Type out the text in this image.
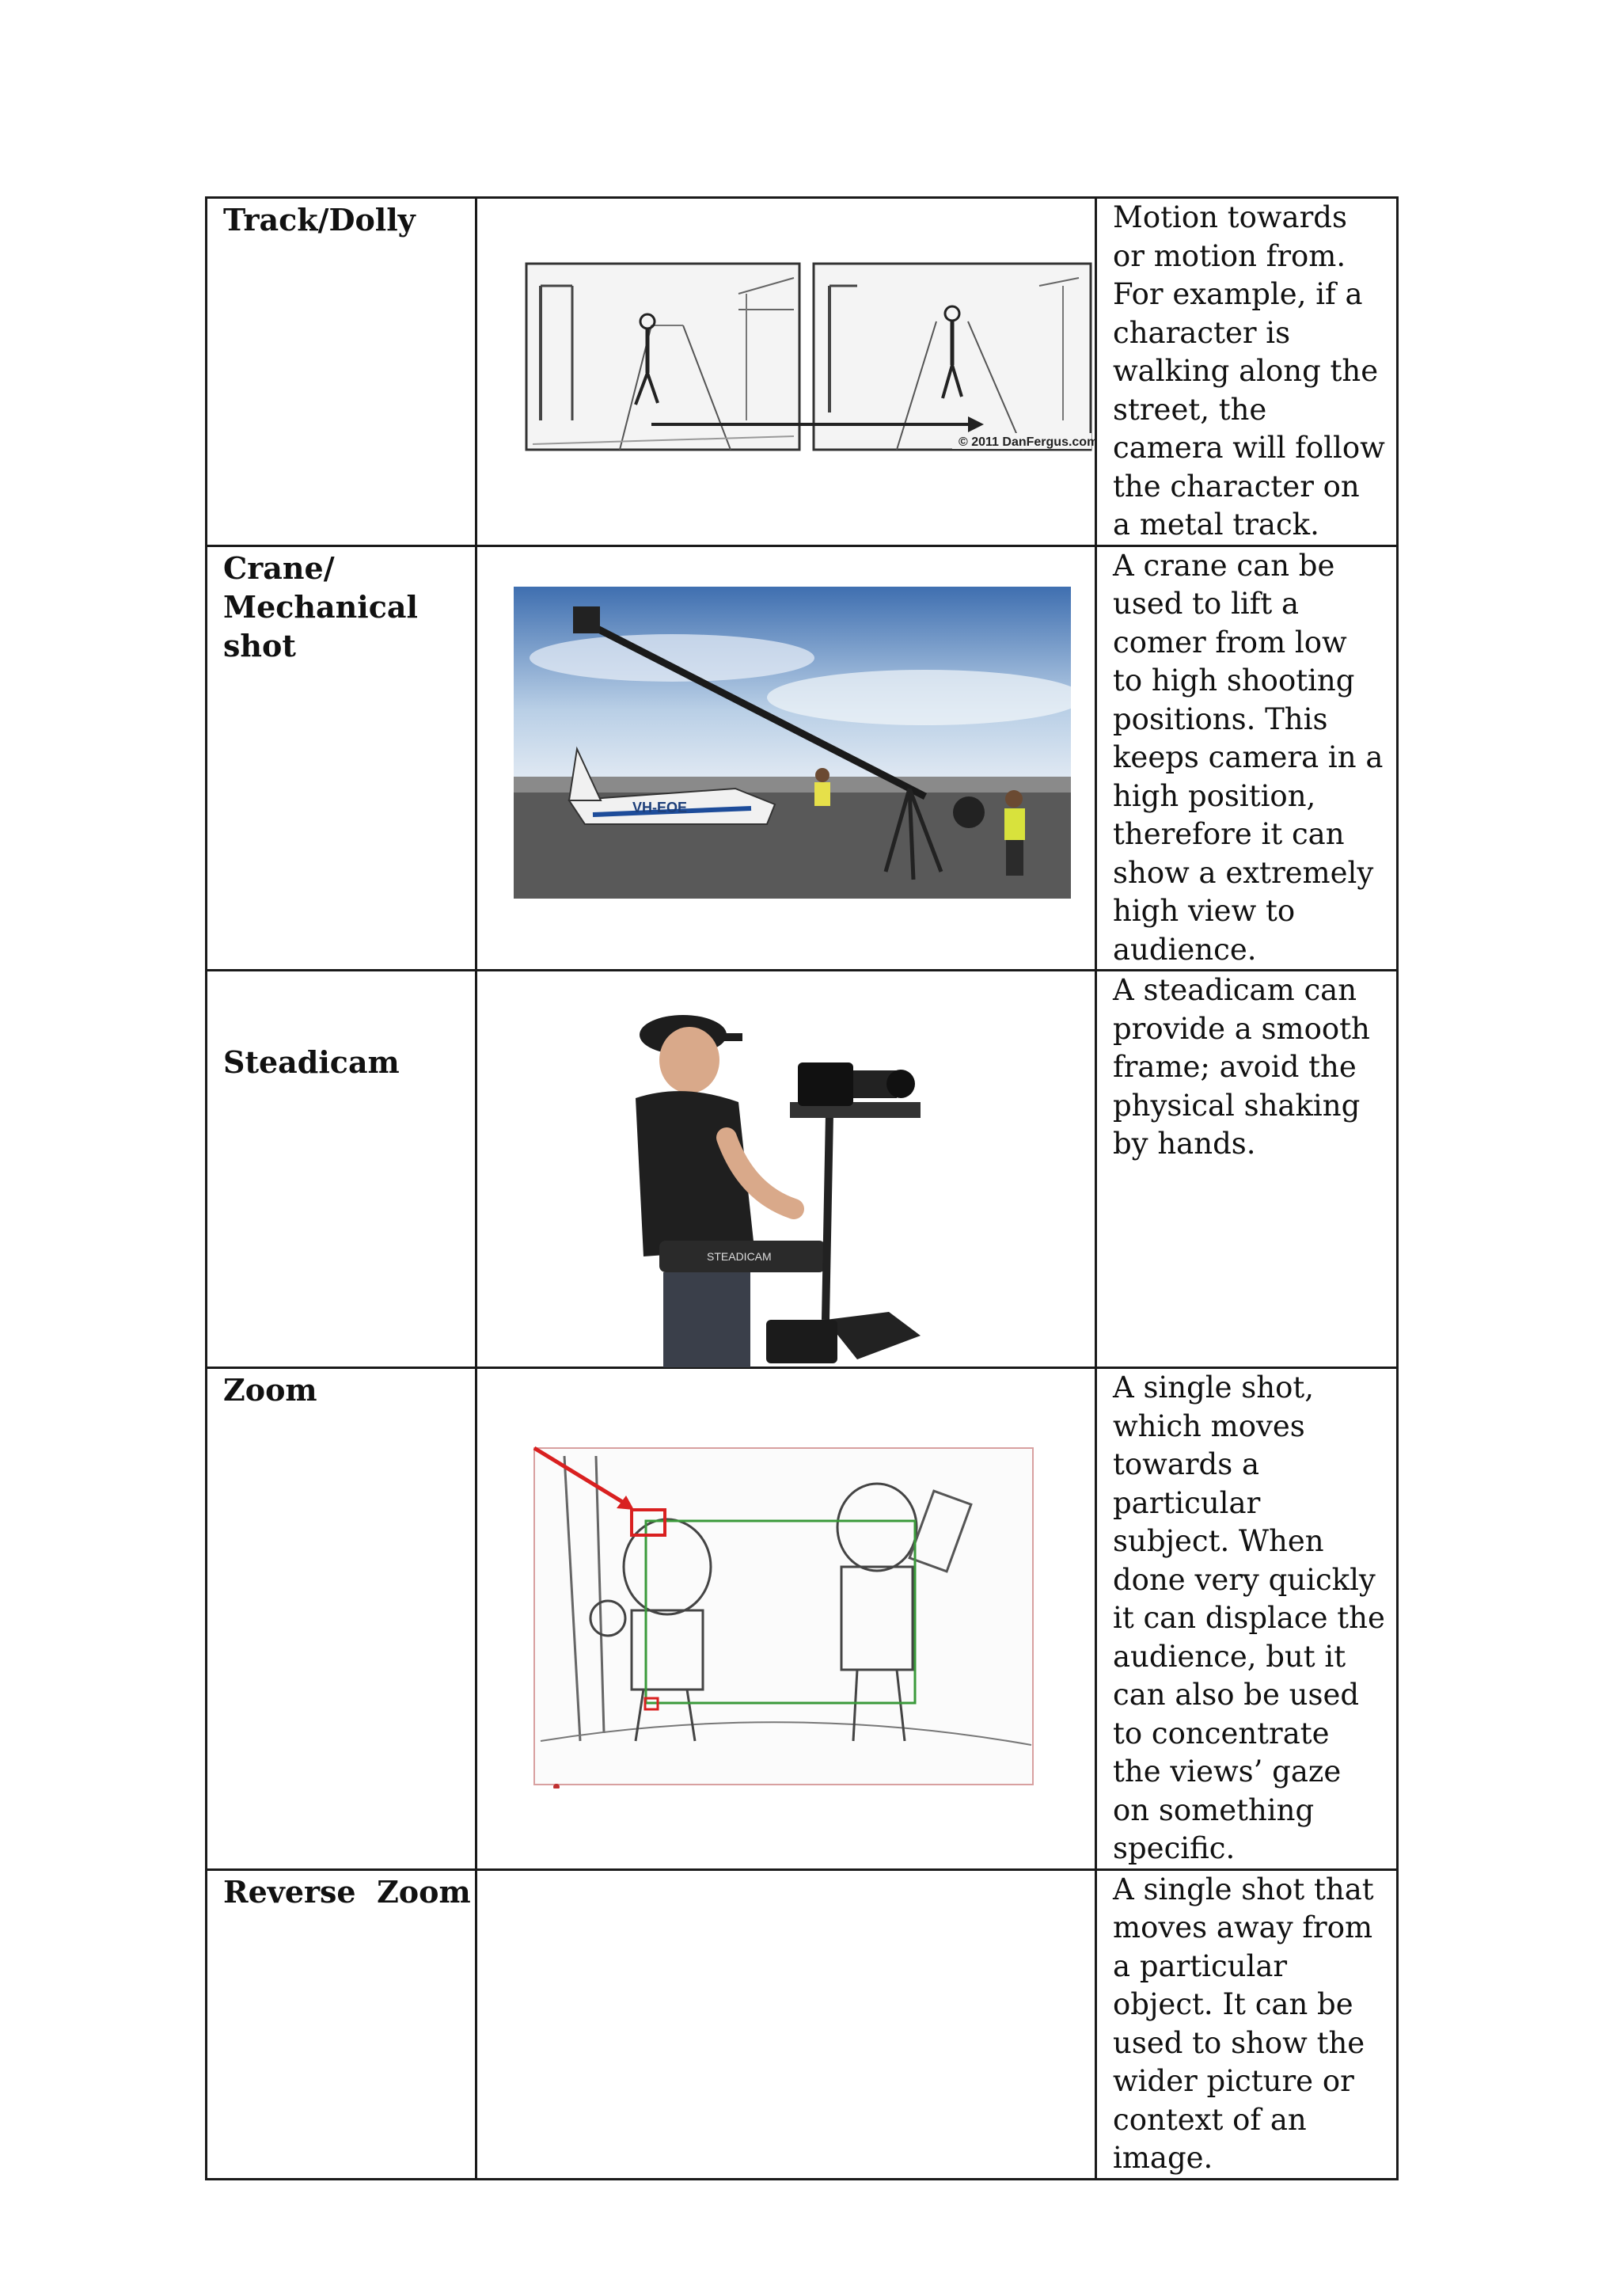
Track/Dolly	© 2011 DanFergus.com	Motion towards or motion from. For example, if a character is walking along the street, the camera will follow the character on a metal track.

Crane/
Mechanical
shot	VH-EOE	A crane can be used to lift a comer from low to high shooting positions. This keeps camera in a high position, therefore it can show a extremely high view to audience.

Steadicam	STEADICAM	A steadicam can provide a smooth frame; avoid the physical shaking by hands.

Zoom		A single shot, which moves towards a particular subject. When done very quickly it can displace the audience, but it can also be used to concentrate the views’ gaze on something specific.

Reverse  Zoom		A single shot that moves away from a particular object. It can be used to show the wider picture or context of an image.
